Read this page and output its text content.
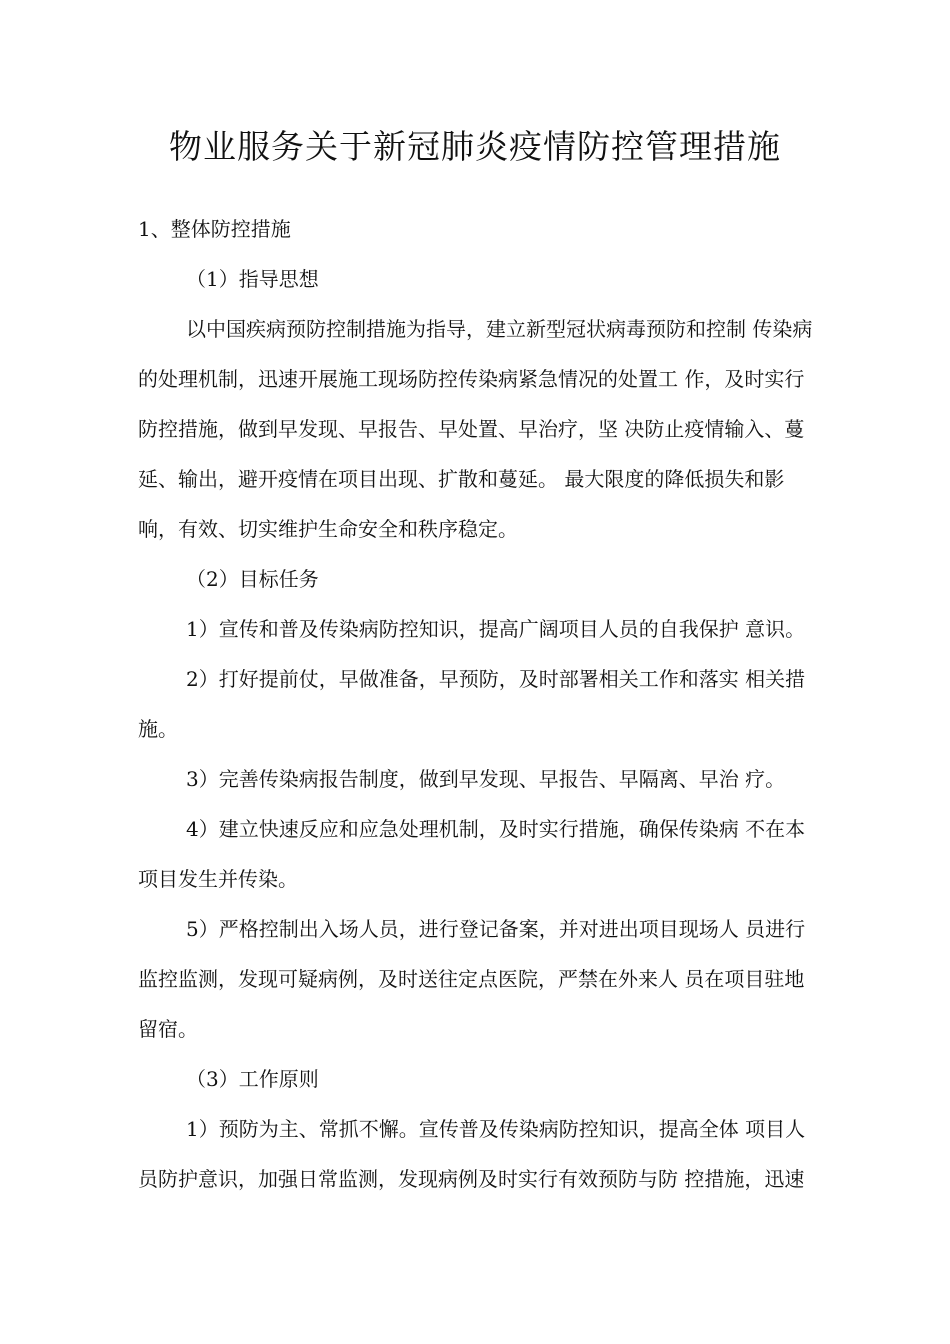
物业服务关于新冠肺炎疫情防控管理措施

1、整体防控措施

（1）指导思想

以中国疾病预防控制措施为指导，建立新型冠状病毒预防和控制 传染病

的处理机制，迅速开展施工现场防控传染病紧急情况的处置工 作，及时实行

防控措施，做到早发现、早报告、早处置、早治疗，坚 决防止疫情输入、蔓

延、输出，避开疫情在项目出现、扩散和蔓延。 最大限度的降低损失和影

响，有效、切实维护生命安全和秩序稳定。

（2）目标任务

1）宣传和普及传染病防控知识，提高广阔项目人员的自我保护 意识。

2）打好提前仗，早做准备，早预防，及时部署相关工作和落实 相关措

施。

3）完善传染病报告制度，做到早发现、早报告、早隔离、早治 疗。

4）建立快速反应和应急处理机制，及时实行措施，确保传染病 不在本

项目发生并传染。

5）严格控制出入场人员，进行登记备案，并对进出项目现场人 员进行

监控监测，发现可疑病例，及时送往定点医院，严禁在外来人 员在项目驻地

留宿。

（3）工作原则

1）预防为主、常抓不懈。宣传普及传染病防控知识，提高全体 项目人

员防护意识，加强日常监测，发现病例及时实行有效预防与防 控措施，迅速
